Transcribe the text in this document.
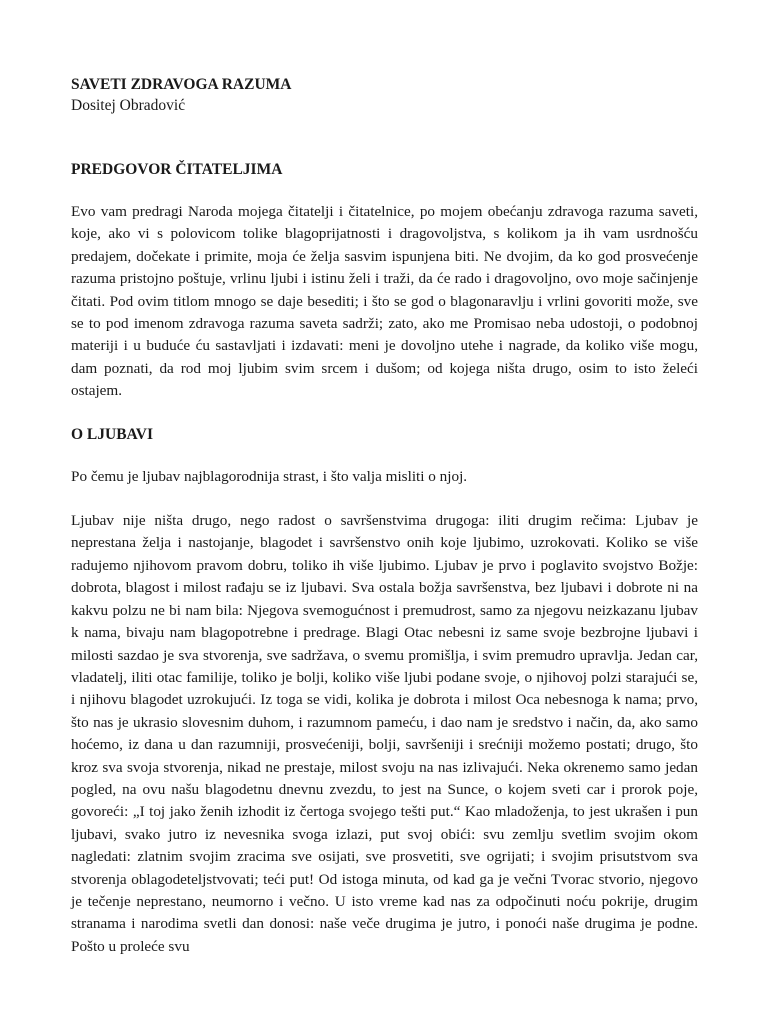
SAVETI ZDRAVOGA RAZUMA
Dositej Obradović
PREDGOVOR ČITATELJIMA

Evo vam predragi Naroda mojega čitatelji i čitatelnice, po mojem obećanju zdravoga razuma saveti, koje, ako vi s polovicom tolike blagoprijatnosti i dragovoljstva, s kolikom ja ih vam usrdnošću predajem, dočekate i primite, moja će želja sasvim ispunjena biti. Ne dvojim, da ko god prosvećenje razuma pristojno poštuje, vrlinu ljubi i istinu želi i traži, da će rado i dragovoljno, ovo moje sačinjenje čitati. Pod ovim titlom mnogo se daje besediti; i što se god o blagonaravlju i vrlini govoriti može, sve se to pod imenom zdravoga razuma saveta sadrži; zato, ako me Promisao neba udostoji, o podobnoj materiji i u buduće ću sastavljati i izdavati: meni je dovoljno utehe i nagrade, da koliko više mogu, dam poznati, da rod moj ljubim svim srcem i dušom; od kojega ništa drugo, osim to isto želeći ostajem.

O LJUBAVI

Po čemu je ljubav najblagorodnija strast, i što valja misliti o njoj.

Ljubav nije ništa drugo, nego radost o savršenstvima drugoga: iliti drugim rečima: Ljubav je neprestana želja i nastojanje, blagodet i savršenstvo onih koje ljubimo, uzrokovati. Koliko se više radujemo njihovom pravom dobru, toliko ih više ljubimo. Ljubav je prvo i poglavito svojstvo Božje: dobrota, blagost i milost rađaju se iz ljubavi. Sva ostala božja savršenstva, bez ljubavi i dobrote ni na kakvu polzu ne bi nam bila: Njegova svemogućnost i premudrost, samo za njegovu neizkazanu ljubav k nama, bivaju nam blagopotrebne i predrage. Blagi Otac nebesni iz same svoje bezbrojne ljubavi i milosti sazdao je sva stvorenja, sve sadržava, o svemu promišlja, i svim premudro upravlja. Jedan car, vladatelj, iliti otac familije, toliko je bolji, koliko više ljubi podane svoje, o njihovoj polzi starajući se, i njihovu blagodet uzrokujući. Iz toga se vidi, kolika je dobrota i milost Oca nebesnoga k nama; prvo, što nas je ukrasio slovesnim duhom, i razumnom pameću, i dao nam je sredstvo i način, da, ako samo hoćemo, iz dana u dan razumniji, prosvećeniji, bolji, savršeniji i srećniji možemo postati; drugo, što kroz sva svoja stvorenja, nikad ne prestaje, milost svoju na nas izlivajući. Neka okrenemo samo jedan pogled, na ovu našu blagodetnu dnevnu zvezdu, to jest na Sunce, o kojem sveti car i prorok poje, govoreći: „I toj jako ženih izhodit iz čertoga svojego tešti put.“ Kao mladoženja, to jest ukrašen i pun ljubavi, svako jutro iz nevesnika svoga izlazi, put svoj obići: svu zemlju svetlim svojim okom nagledati: zlatnim svojim zracima sve osijati, sve prosvetiti, sve ogrijati; i svojim prisutstvom sva stvorenja oblagodeteljstvovati; teći put! Od istoga minuta, od kad ga je večni Tvorac stvorio, njegovo je tečenje neprestano, neumorno i večno. U isto vreme kad nas za odpočinuti noću pokrije, drugim stranama i narodima svetli dan donosi: naše veče drugima je jutro, i ponoći naše drugima je podne. Pošto u proleće svu
